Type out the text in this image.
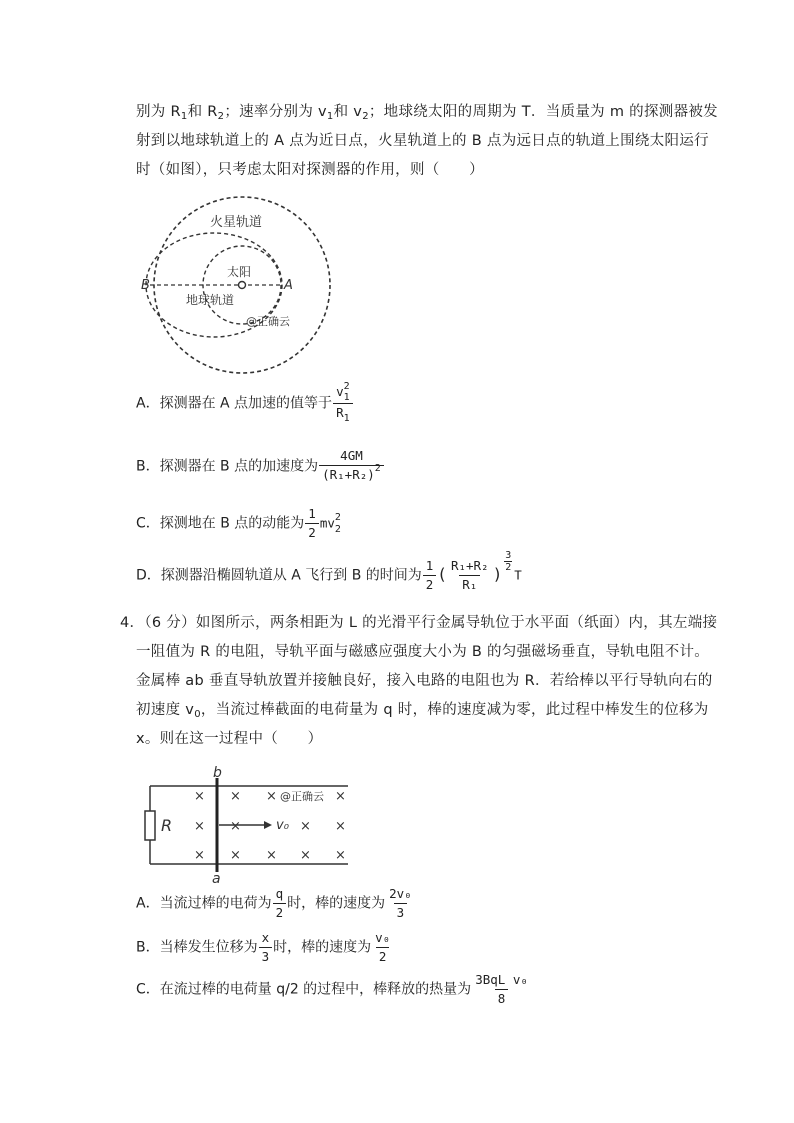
别为 $R_1$和 $R_2$；速率分别为 $v_1$和 $v_2$；地球绕太阳的周期为 T．当质量为 m 的探测器被发
射到以地球轨道上的 A 点为近日点，火星轨道上的 B 点为远日点的轨道上围绕太阳运行
时（如图），只考虑太阳对探测器的作用，则（　　）
火星轨道
太阳
地球轨道
B	A
@正确云
A．探测器在 A 点加速的值等于 $\frac{v^2_1}{R_1}$
B．探测器在 B 点的加速度为 $\frac{4GM}{(R_1+R_2)^2}$
C．探测地在 B 点的动能为 $\frac{1}{2} mv^2_2$
D．探测器沿椭圆轨道从 A 飞行到 B 的时间为 $\frac{1}{2}$ ( $\frac{\text{R₁+R₂}}{\text{R₁}}$ )
$\frac{3}{2}$
T
4．（6 分）如图所示，两条相距为 L 的光滑平行金属导轨位于水平面（纸面）内，其左端接
一阻值为 R 的电阻，导轨平面与磁感应强度大小为 B 的匀强磁场垂直，导轨电阻不计。
金属棒 ab 垂直导轨放置并接触良好，接入电路的电阻也为 R．若给棒以平行导轨向右的
初速度 $v_0$，当流过棒截面的电荷量为 q 时，棒的速度减为零，此过程中棒发生的位移为
x。则在这一过程中（　　）
R
b
a
× × ×	×
× ×	× ×
× × × × ×
v₀
@正确云
A．当流过棒的电荷为 $\frac{q}{2}$ 时，棒的速度为 $\frac{\text{2v₀}}{3}$
B．当棒发生位移为 $\frac{x}{3}$ 时，棒的速度为 $\frac{\text{v₀}}{2}$
C．在流过棒的电荷量 q/2 的过程中，棒释放的热量为 $\frac{\text{3BqL v₀}}{8}$
